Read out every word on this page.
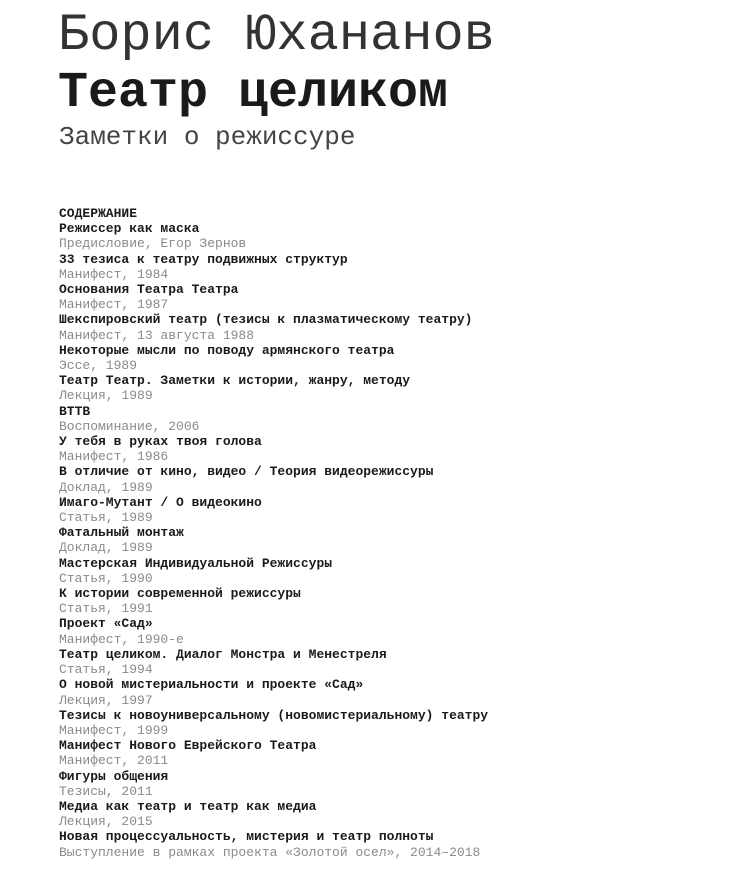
Борис Юхананов
Театр целиком
Заметки о режиссуре
СОДЕРЖАНИЕ
Режиссер как маска
Предисловие, Егор Зернов
33 тезиса к театру подвижных структур
Манифест, 1984
Основания Театра Театра
Манифест, 1987
Шекспировский театр (тезисы к плазматическому театру)
Манифест, 13 августа 1988
Некоторые мысли по поводу армянского театра
Эссе, 1989
Театр Театр. Заметки к истории, жанру, методу
Лекция, 1989
ВТТВ
Воспоминание, 2006
У тебя в руках твоя голова
Манифест, 1986
В отличие от кино, видео / Теория видеорежиссуры
Доклад, 1989
Имаго-Мутант / О видеокино
Статья, 1989
Фатальный монтаж
Доклад, 1989
Мастерская Индивидуальной Режиссуры
Статья, 1990
К истории современной режиссуры
Статья, 1991
Проект «Сад»
Манифест, 1990-е
Театр целиком. Диалог Монстра и Менестреля
Статья, 1994
О новой мистериальности и проекте «Сад»
Лекция, 1997
Тезисы к новоуниверсальному (новомистериальному) театру
Манифест, 1999
Манифест Нового Еврейского Театра
Манифест, 2011
Фигуры общения
Тезисы, 2011
Медиа как театр и театр как медиа
Лекция, 2015
Новая процессуальность, мистерия и театр полноты
Выступление в рамках проекта «Золотой осел», 2014–2018
